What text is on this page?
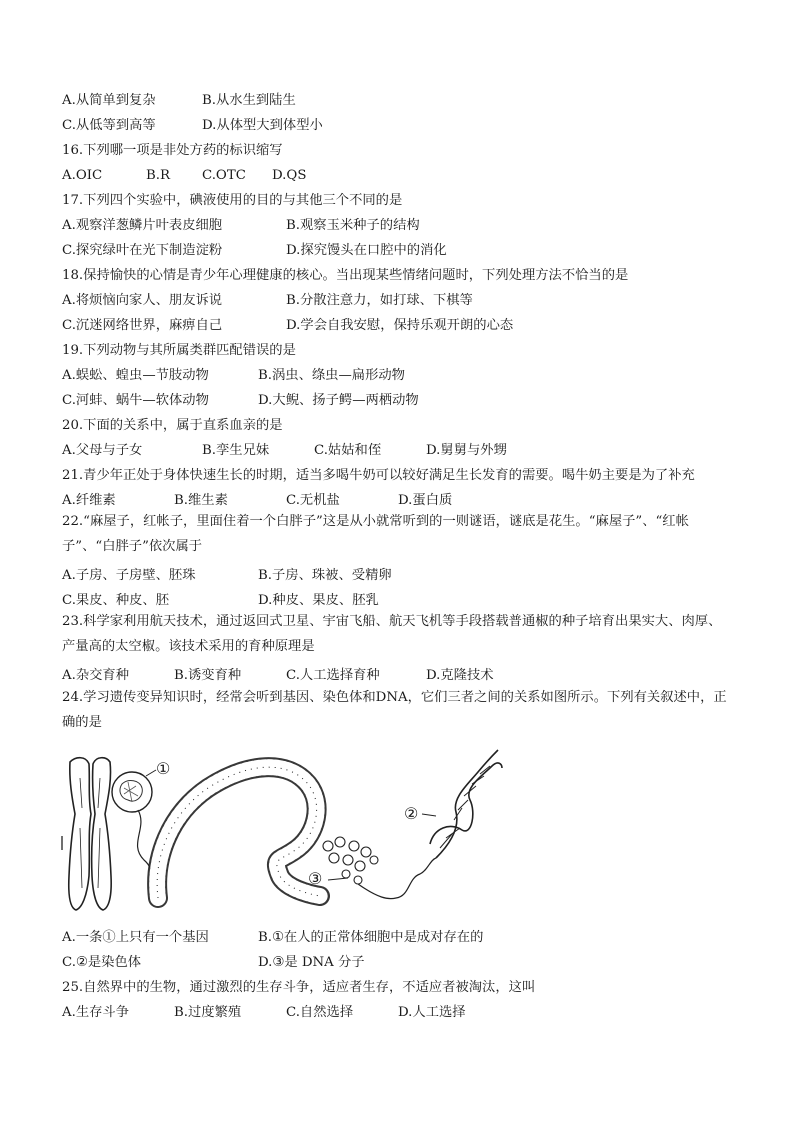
A.从简单到复杂	B.从水生到陆生
C.从低等到高等	D.从体型大到体型小
16.下列哪一项是非处方药的标识缩写
A.OIC	B.R C.OTC D.QS
17.下列四个实验中，碘液使用的目的与其他三个不同的是
A.观察洋葱鳞片叶表皮细胞	B.观察玉米种子的结构
C.探究绿叶在光下制造淀粉	D.探究馒头在口腔中的消化
18.保持愉快的心情是青少年心理健康的核心。当出现某些情绪问题时，下列处理方法不恰当的是
A.将烦恼向家人、朋友诉说	B.分散注意力，如打球、下棋等
C.沉迷网络世界，麻痹自己	D.学会自我安慰，保持乐观开朗的心态
19.下列动物与其所属类群匹配错误的是
A.蜈蚣、蝗虫—节肢动物	B.涡虫、绦虫—扁形动物
C.河蚌、蜗牛—软体动物	D.大鲵、扬子鳄—两栖动物
20.下面的关系中，属于直系血亲的是
A.父母与子女	B.孪生兄妹	C.姑姑和侄	D.舅舅与外甥
21.青少年正处于身体快速生长的时期，适当多喝牛奶可以较好满足生长发育的需要。喝牛奶主要是为了补充
A.纤维素	B.维生素	C.无机盐	D.蛋白质
22.“麻屋子，红帐子，里面住着一个白胖子”这是从小就常听到的一则谜语，谜底是花生。“麻屋子”、“红帐子”、“白胖子”依次属于
A.子房、子房壁、胚珠	B.子房、珠被、受精卵
C.果皮、种皮、胚	D.种皮、果皮、胚乳
23.科学家利用航天技术，通过返回式卫星、宇宙飞船、航天飞机等手段搭载普通椒的种子培育出果实大、肉厚、产量高的太空椒。该技术采用的育种原理是
A.杂交育种	B.诱变育种	C.人工选择育种	D.克隆技术
24.学习遗传变异知识时，经常会听到基因、染色体和DNA，它们三者之间的关系如图所示。下列有关叙述中，正确的是
①
②
③
A.一条①上只有一个基因	B.①在人的正常体细胞中是成对存在的
C.②是染色体	D.③是 DNA 分子
25.自然界中的生物，通过激烈的生存斗争，适应者生存，不适应者被淘汰，这叫
A.生存斗争	B.过度繁殖	C.自然选择	D.人工选择
